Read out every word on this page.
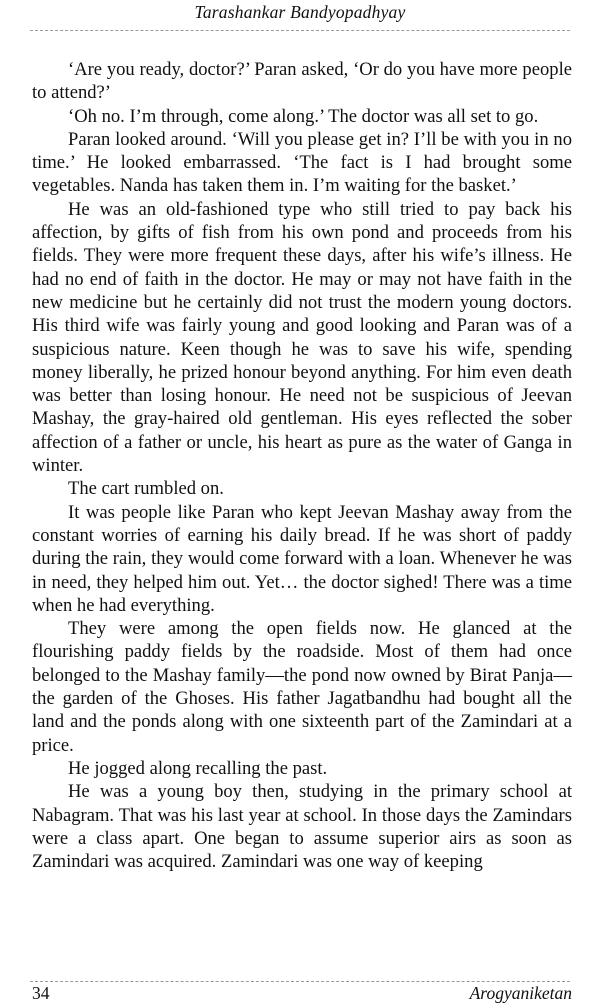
Tarashankar Bandyopadhyay

‘Are you ready, doctor?’ Paran asked, ‘Or do you have more people to attend?’

‘Oh no. I’m through, come along.’ The doctor was all set to go.

Paran looked around. ‘Will you please get in? I’ll be with you in no time.’ He looked embarrassed. ‘The fact is I had brought some vegetables. Nanda has taken them in. I’m waiting for the basket.’

He was an old-fashioned type who still tried to pay back his affection, by gifts of fish from his own pond and proceeds from his fields. They were more frequent these days, after his wife’s illness. He had no end of faith in the doctor. He may or may not have faith in the new medicine but he certainly did not trust the modern young doctors. His third wife was fairly young and good looking and Paran was of a suspicious nature. Keen though he was to save his wife, spending money liberally, he prized honour beyond anything. For him even death was better than losing honour. He need not be suspicious of Jeevan Mashay, the gray-haired old gentleman. His eyes reflected the sober affection of a father or uncle, his heart as pure as the water of Ganga in winter.

The cart rumbled on.

It was people like Paran who kept Jeevan Mashay away from the constant worries of earning his daily bread. If he was short of paddy during the rain, they would come forward with a loan. Whenever he was in need, they helped him out. Yet… the doctor sighed! There was a time when he had everything.

They were among the open fields now. He glanced at the flourishing paddy fields by the roadside. Most of them had once belonged to the Mashay family—the pond now owned by Birat Panja—the garden of the Ghoses. His father Jagatbandhu had bought all the land and the ponds along with one sixteenth part of the Zamindari at a price.

He jogged along recalling the past.

He was a young boy then, studying in the primary school at Nabagram. That was his last year at school. In those days the Zamindars were a class apart. One began to assume superior airs as soon as Zamindari was acquired. Zamindari was one way of keeping

34	Arogyaniketan
